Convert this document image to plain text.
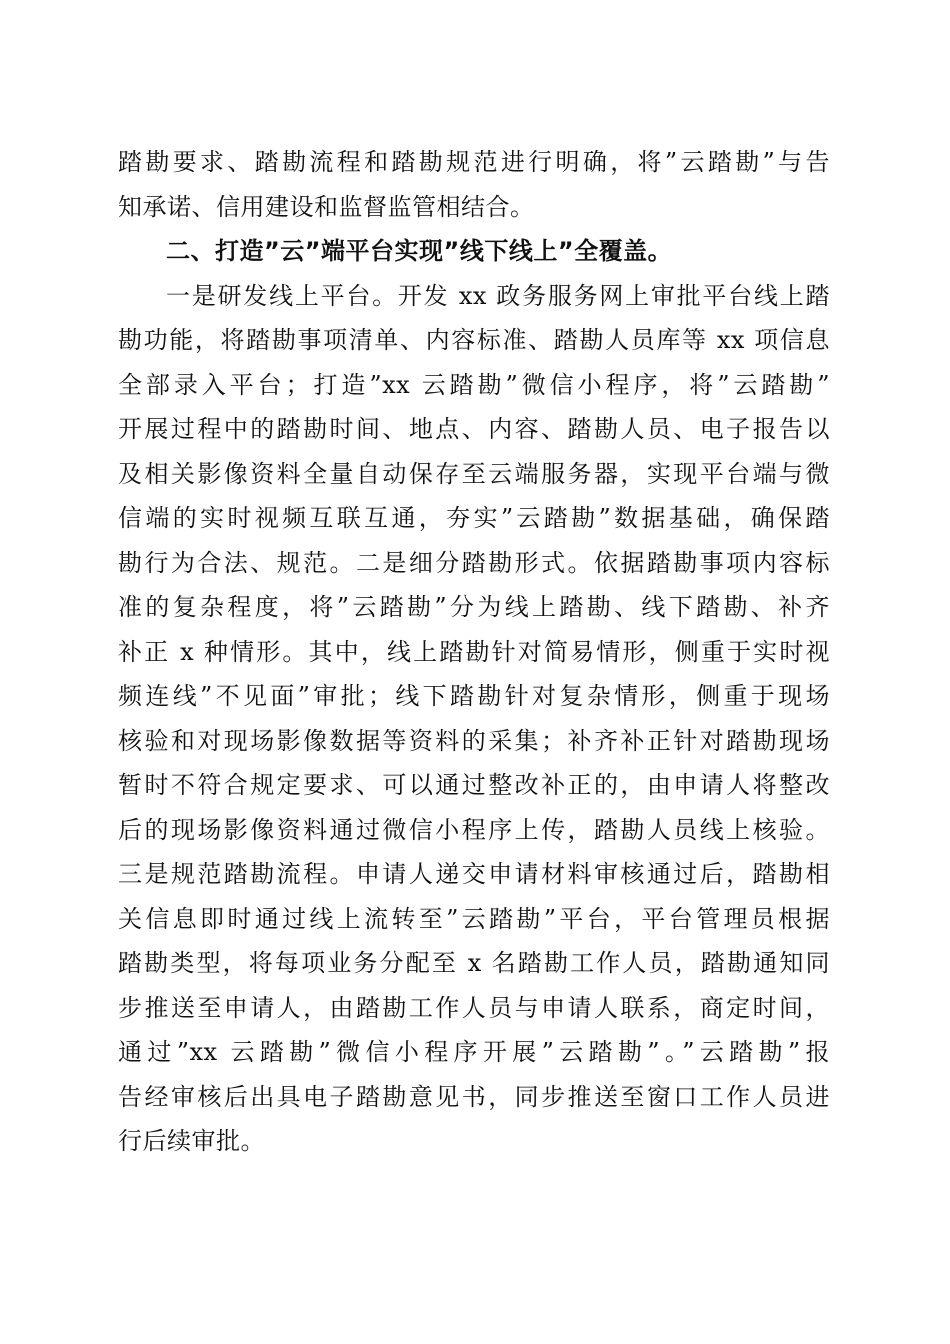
踏勘要求、踏勘流程和踏勘规范进行明确，将”云踏勘”与告
知承诺、信用建设和监督监管相结合。
二、打造”云”端平台实现”线下线上”全覆盖。
一是研发线上平台。开发 xx 政务服务网上审批平台线上踏
勘功能，将踏勘事项清单、内容标准、踏勘人员库等 xx 项信息
全部录入平台；打造”xx 云踏勘”微信小程序，将”云踏勘”
开展过程中的踏勘时间、地点、内容、踏勘人员、电子报告以
及相关影像资料全量自动保存至云端服务器，实现平台端与微
信端的实时视频互联互通，夯实”云踏勘”数据基础，确保踏
勘行为合法、规范。二是细分踏勘形式。依据踏勘事项内容标
准的复杂程度，将”云踏勘”分为线上踏勘、线下踏勘、补齐
补正 x 种情形。其中，线上踏勘针对简易情形，侧重于实时视
频连线”不见面”审批；线下踏勘针对复杂情形，侧重于现场
核验和对现场影像数据等资料的采集；补齐补正针对踏勘现场
暂时不符合规定要求、可以通过整改补正的，由申请人将整改
后的现场影像资料通过微信小程序上传，踏勘人员线上核验。
三是规范踏勘流程。申请人递交申请材料审核通过后，踏勘相
关信息即时通过线上流转至”云踏勘”平台，平台管理员根据
踏勘类型，将每项业务分配至 x 名踏勘工作人员，踏勘通知同
步推送至申请人，由踏勘工作人员与申请人联系，商定时间，
通过”xx 云踏勘”微信小程序开展”云踏勘”。”云踏勘”报
告经审核后出具电子踏勘意见书，同步推送至窗口工作人员进
行后续审批。
